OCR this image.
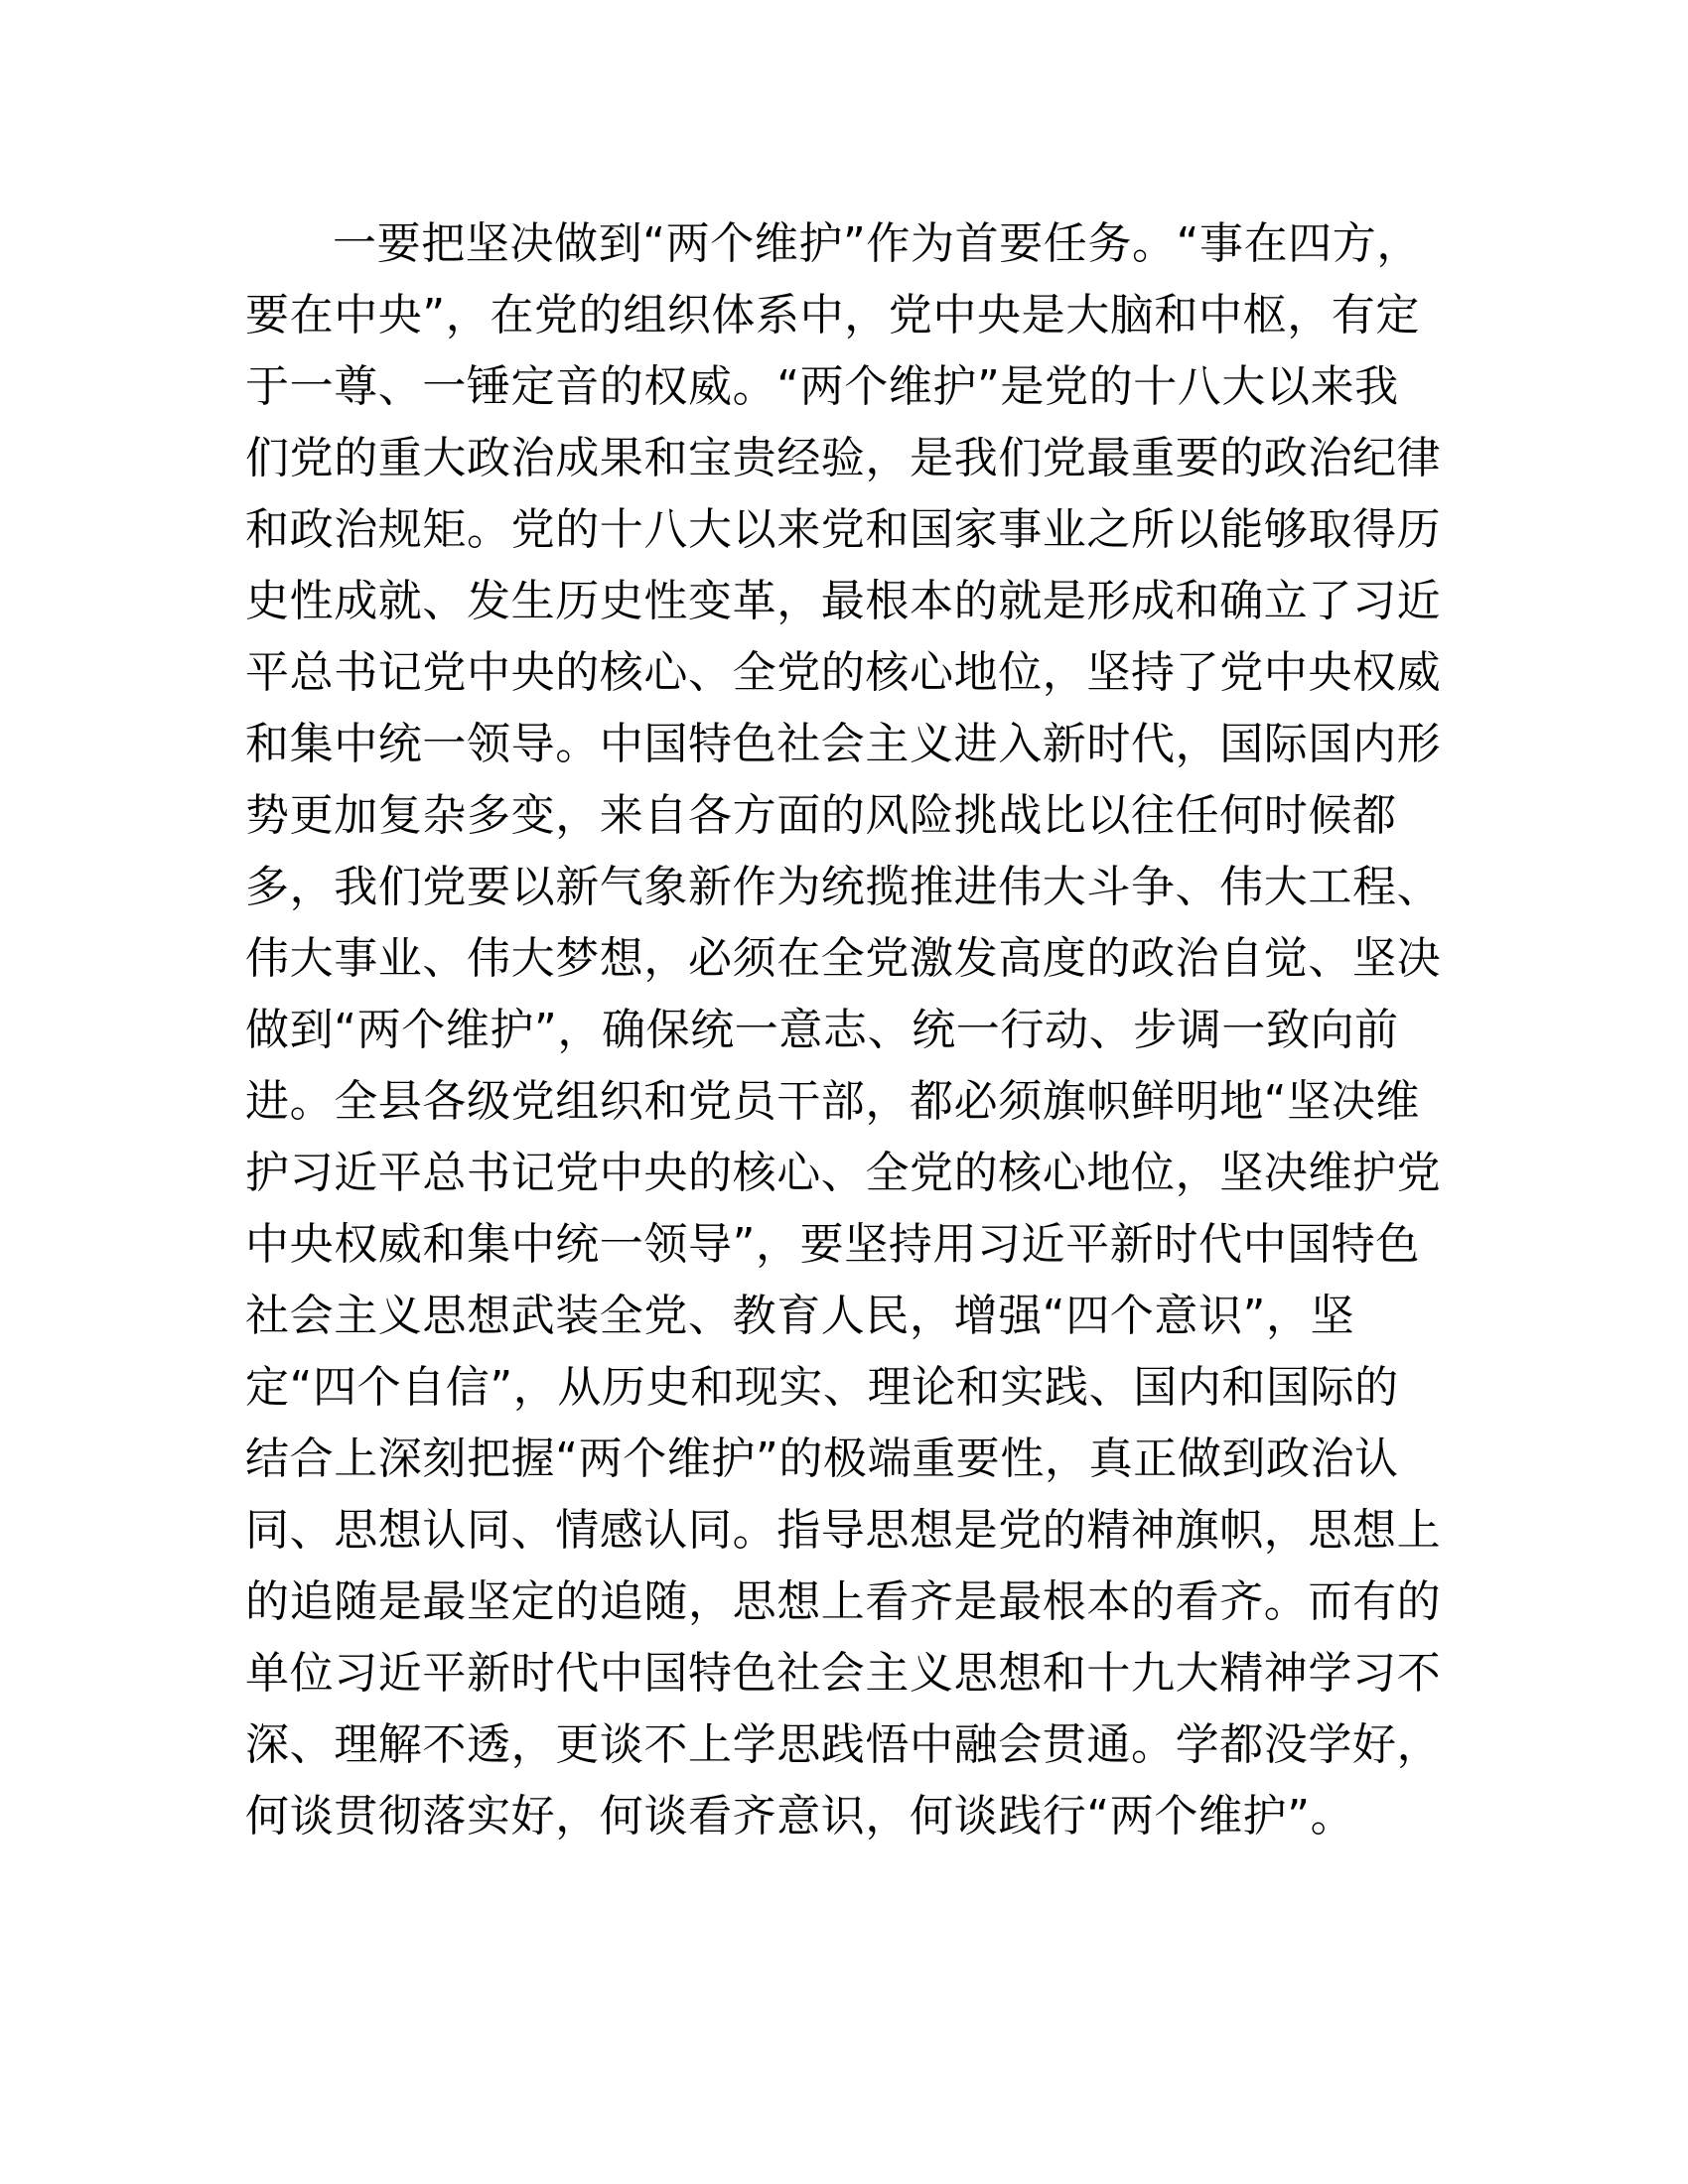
一要把坚决做到“两个维护”作为首要任务。“事在四方，
要在中央”，在党的组织体系中，党中央是大脑和中枢，有定
于一尊、一锤定音的权威。“两个维护”是党的十八大以来我
们党的重大政治成果和宝贵经验，是我们党最重要的政治纪律
和政治规矩。党的十八大以来党和国家事业之所以能够取得历
史性成就、发生历史性变革，最根本的就是形成和确立了习近
平总书记党中央的核心、全党的核心地位，坚持了党中央权威
和集中统一领导。中国特色社会主义进入新时代，国际国内形
势更加复杂多变，来自各方面的风险挑战比以往任何时候都
多，我们党要以新气象新作为统揽推进伟大斗争、伟大工程、
伟大事业、伟大梦想，必须在全党激发高度的政治自觉、坚决
做到“两个维护”，确保统一意志、统一行动、步调一致向前
进。全县各级党组织和党员干部，都必须旗帜鲜明地“坚决维
护习近平总书记党中央的核心、全党的核心地位，坚决维护党
中央权威和集中统一领导”，要坚持用习近平新时代中国特色
社会主义思想武装全党、教育人民，增强“四个意识”，坚
定“四个自信”，从历史和现实、理论和实践、国内和国际的
结合上深刻把握“两个维护”的极端重要性，真正做到政治认
同、思想认同、情感认同。指导思想是党的精神旗帜，思想上
的追随是最坚定的追随，思想上看齐是最根本的看齐。而有的
单位习近平新时代中国特色社会主义思想和十九大精神学习不
深、理解不透，更谈不上学思践悟中融会贯通。学都没学好，
何谈贯彻落实好，何谈看齐意识，何谈践行“两个维护”。
